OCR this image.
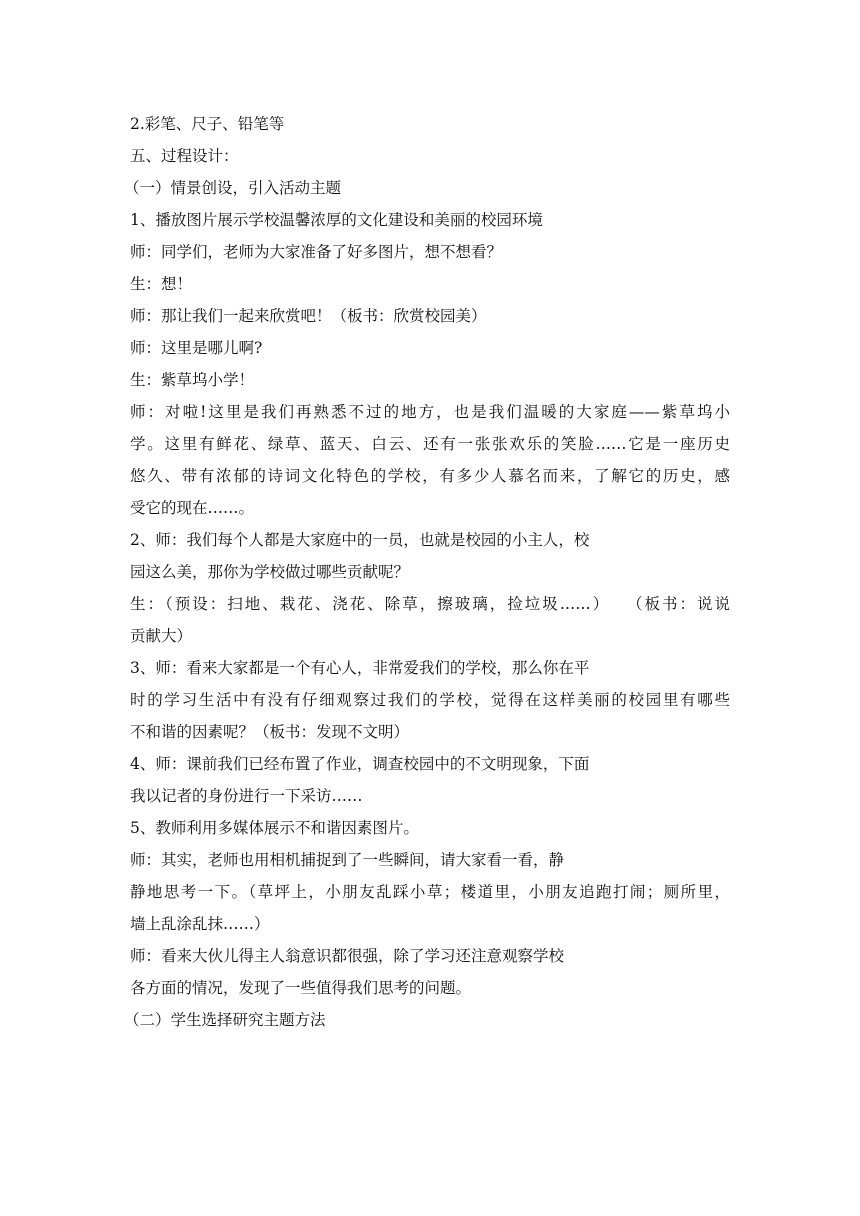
2.彩笔、尺子、铅笔等
五、过程设计：
（一）情景创设，引入活动主题
1、播放图片展示学校温馨浓厚的文化建设和美丽的校园环境
师：同学们，老师为大家准备了好多图片，想不想看？
生：想！
师：那让我们一起来欣赏吧！（板书：欣赏校园美）
师：这里是哪儿啊?
生：紫草坞小学！
师：对啦!这里是我们再熟悉不过的地方，也是我们温暖的大家庭——紫草坞小
学。这里有鲜花、绿草、蓝天、白云、还有一张张欢乐的笑脸……它是一座历史
悠久、带有浓郁的诗词文化特色的学校，有多少人慕名而来，了解它的历史，感
受它的现在……。
2、师：我们每个人都是大家庭中的一员，也就是校园的小主人，校
园这么美，那你为学校做过哪些贡献呢？
生：（预设：扫地、栽花、浇花、除草，擦玻璃，捡垃圾……）　 （板书：说说
贡献大）
3、师：看来大家都是一个有心人，非常爱我们的学校，那么你在平
时的学习生活中有没有仔细观察过我们的学校，觉得在这样美丽的校园里有哪些
不和谐的因素呢？（板书：发现不文明）
4、师：课前我们已经布置了作业，调查校园中的不文明现象，下面
我以记者的身份进行一下采访……
5、教师利用多媒体展示不和谐因素图片。
师：其实，老师也用相机捕捉到了一些瞬间，请大家看一看，静
静地思考一下。（草坪上，小朋友乱踩小草；楼道里，小朋友追跑打闹；厕所里，
墙上乱涂乱抹……）
师：看来大伙儿得主人翁意识都很强，除了学习还注意观察学校
各方面的情况，发现了一些值得我们思考的问题。
（二）学生选择研究主题方法
